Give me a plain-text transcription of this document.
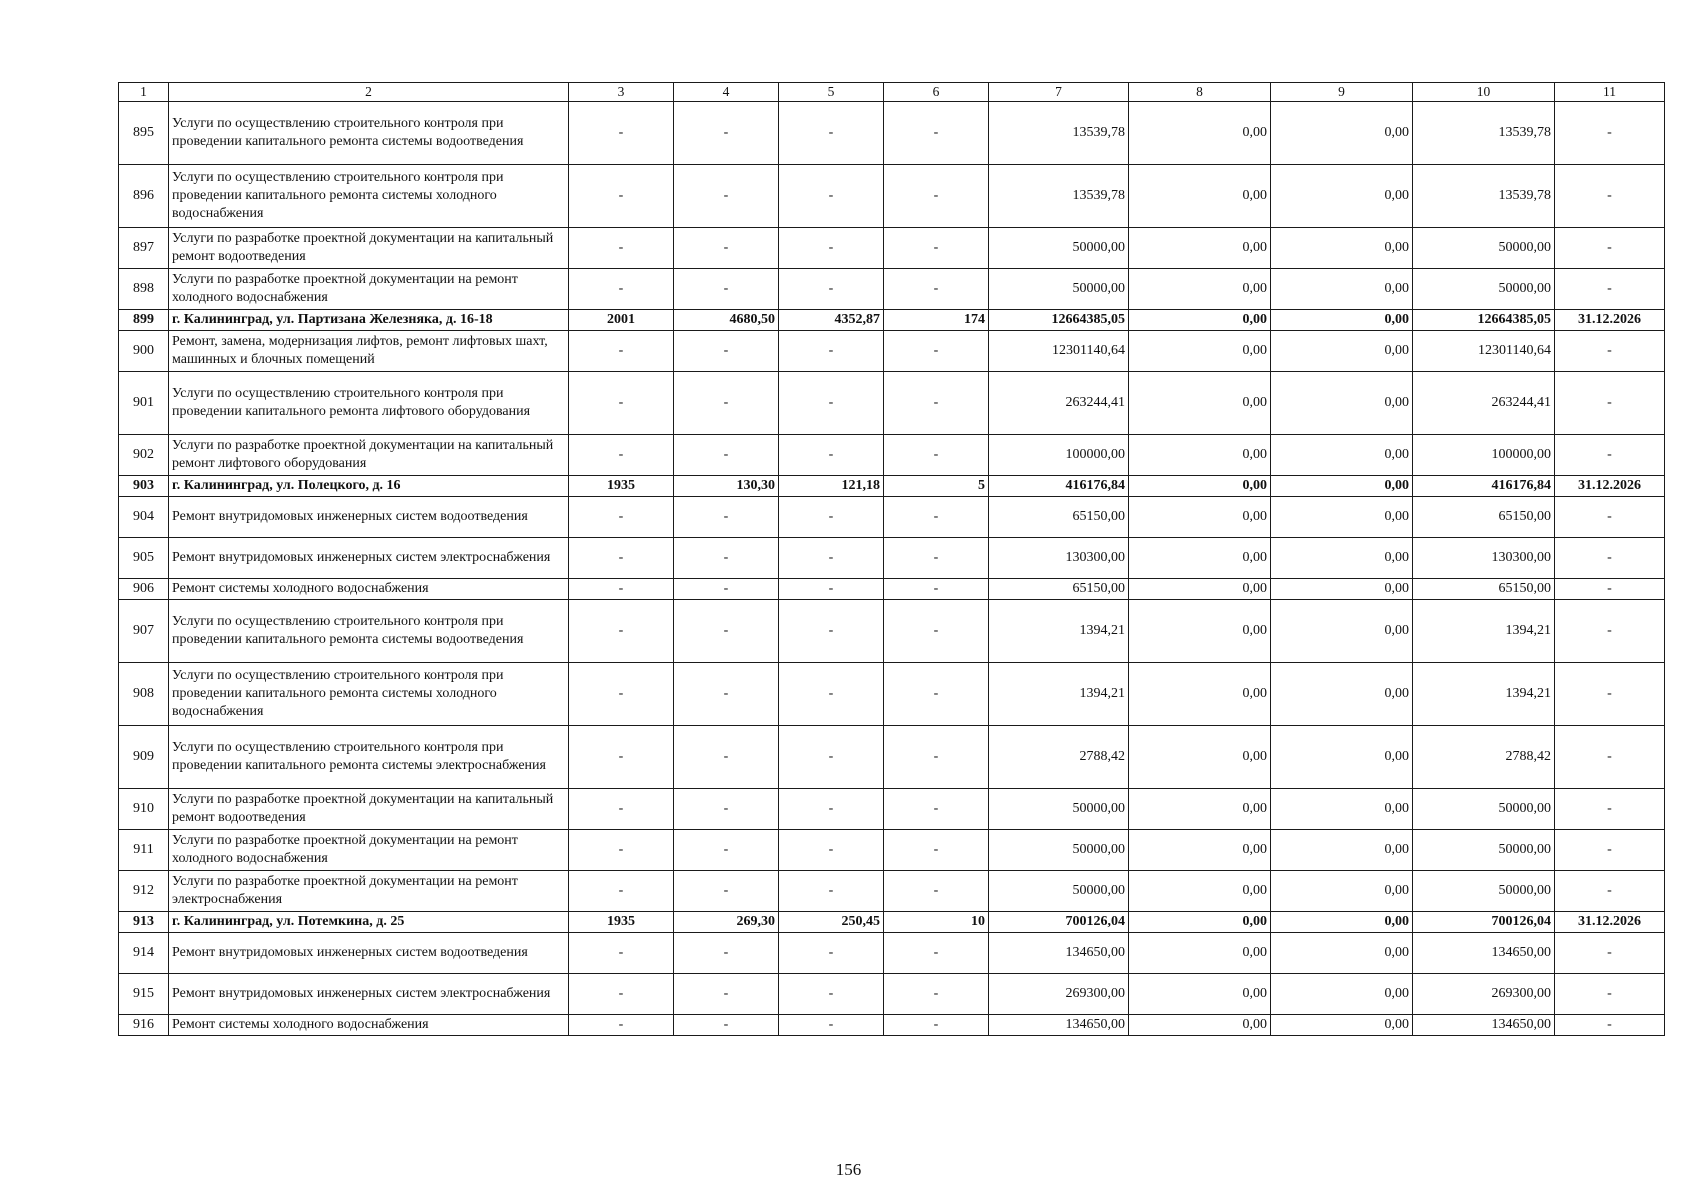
1	2	3	4	5	6	7	8	9	10	11
895	Услуги по осуществлению строительного контроля при проведении капитального ремонта системы водоотведения	-	-	-	-	13539,78	0,00	0,00	13539,78	-
896	Услуги по осуществлению строительного контроля при проведении капитального ремонта системы холодного водоснабжения	-	-	-	-	13539,78	0,00	0,00	13539,78	-
897	Услуги по разработке проектной документации на капитальный ремонт водоотведения	-	-	-	-	50000,00	0,00	0,00	50000,00	-
898	Услуги по разработке проектной документации на ремонт холодного водоснабжения	-	-	-	-	50000,00	0,00	0,00	50000,00	-
899	г. Калининград, ул. Партизана Железняка, д. 16-18	2001	4680,50	4352,87	174	12664385,05	0,00	0,00	12664385,05	31.12.2026
900	Ремонт, замена, модернизация лифтов, ремонт лифтовых шахт, машинных и блочных помещений	-	-	-	-	12301140,64	0,00	0,00	12301140,64	-
901	Услуги по осуществлению строительного контроля при проведении капитального ремонта лифтового оборудования	-	-	-	-	263244,41	0,00	0,00	263244,41	-
902	Услуги по разработке проектной документации на капитальный ремонт лифтового оборудования	-	-	-	-	100000,00	0,00	0,00	100000,00	-
903	г. Калининград, ул. Полецкого, д. 16	1935	130,30	121,18	5	416176,84	0,00	0,00	416176,84	31.12.2026
904	Ремонт внутридомовых инженерных систем водоотведения	-	-	-	-	65150,00	0,00	0,00	65150,00	-
905	Ремонт внутридомовых инженерных систем электроснабжения	-	-	-	-	130300,00	0,00	0,00	130300,00	-
906	Ремонт системы холодного водоснабжения	-	-	-	-	65150,00	0,00	0,00	65150,00	-
907	Услуги по осуществлению строительного контроля при проведении капитального ремонта системы водоотведения	-	-	-	-	1394,21	0,00	0,00	1394,21	-
908	Услуги по осуществлению строительного контроля при проведении капитального ремонта системы холодного водоснабжения	-	-	-	-	1394,21	0,00	0,00	1394,21	-
909	Услуги по осуществлению строительного контроля при проведении капитального ремонта системы электроснабжения	-	-	-	-	2788,42	0,00	0,00	2788,42	-
910	Услуги по разработке проектной документации на капитальный ремонт водоотведения	-	-	-	-	50000,00	0,00	0,00	50000,00	-
911	Услуги по разработке проектной документации на ремонт холодного водоснабжения	-	-	-	-	50000,00	0,00	0,00	50000,00	-
912	Услуги по разработке проектной документации на ремонт электроснабжения	-	-	-	-	50000,00	0,00	0,00	50000,00	-
913	г. Калининград, ул. Потемкина, д. 25	1935	269,30	250,45	10	700126,04	0,00	0,00	700126,04	31.12.2026
914	Ремонт внутридомовых инженерных систем водоотведения	-	-	-	-	134650,00	0,00	0,00	134650,00	-
915	Ремонт внутридомовых инженерных систем электроснабжения	-	-	-	-	269300,00	0,00	0,00	269300,00	-
916	Ремонт системы холодного водоснабжения	-	-	-	-	134650,00	0,00	0,00	134650,00	-
156
